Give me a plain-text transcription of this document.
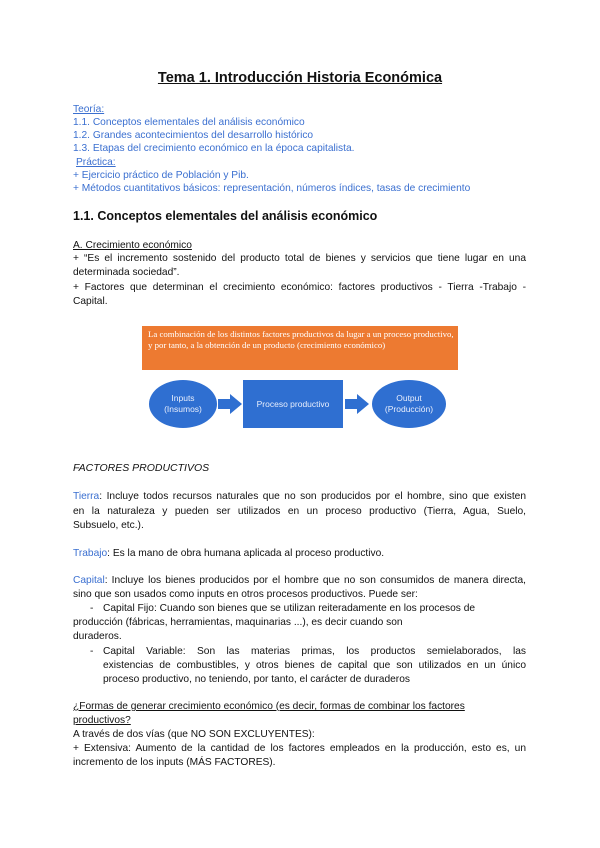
Tema 1. Introducción Historia Económica
Teoría:
1.1. Conceptos elementales del análisis económico
1.2. Grandes acontecimientos del desarrollo histórico
1.3. Etapas del crecimiento económico en la época capitalista.
Práctica:
+ Ejercicio práctico de Población y Pib.
+ Métodos cuantitativos básicos: representación, números índices, tasas de crecimiento
1.1. Conceptos elementales del análisis económico
A. Crecimiento económico
+ “Es el incremento sostenido del producto total de bienes y servicios que tiene lugar en una
determinada sociedad”.
+ Factores que determinan el crecimiento económico: factores productivos - Tierra -Trabajo -
Capital.
La combinación de los distintos factores productivos da lugar a un proceso productivo, y por tanto, a la obtención de un producto (crecimiento económico)
Inputs
(Insumos)	Proceso productivo
Output
(Producción)
FACTORES PRODUCTIVOS
Tierra: Incluye todos recursos naturales que no son producidos por el hombre, sino que existen
en la naturaleza y pueden ser utilizados en un proceso productivo (Tierra, Agua, Suelo,
Subsuelo, etc.).
Trabajo: Es la mano de obra humana aplicada al proceso productivo.
Capital: Incluye los bienes producidos por el hombre que no son consumidos de manera directa,
sino que son usados como inputs en otros procesos productivos. Puede ser:
- Capital Fijo: Cuando son bienes que se utilizan reiteradamente en los procesos de
producción (fábricas, herramientas, maquinarias ...), es decir cuando son
duraderos.
- Capital Variable: Son las materias primas, los productos semielaborados, las
existencias de combustibles, y otros bienes de capital que son utilizados en un único
proceso productivo, no teniendo, por tanto, el carácter de duraderos
¿Formas de generar crecimiento económico (es decir, formas de combinar los factores
productivos?
A través de dos vías (que NO SON EXCLUYENTES):
+ Extensiva: Aumento de la cantidad de los factores empleados en la producción, esto es, un
incremento de los inputs (MÁS FACTORES).
